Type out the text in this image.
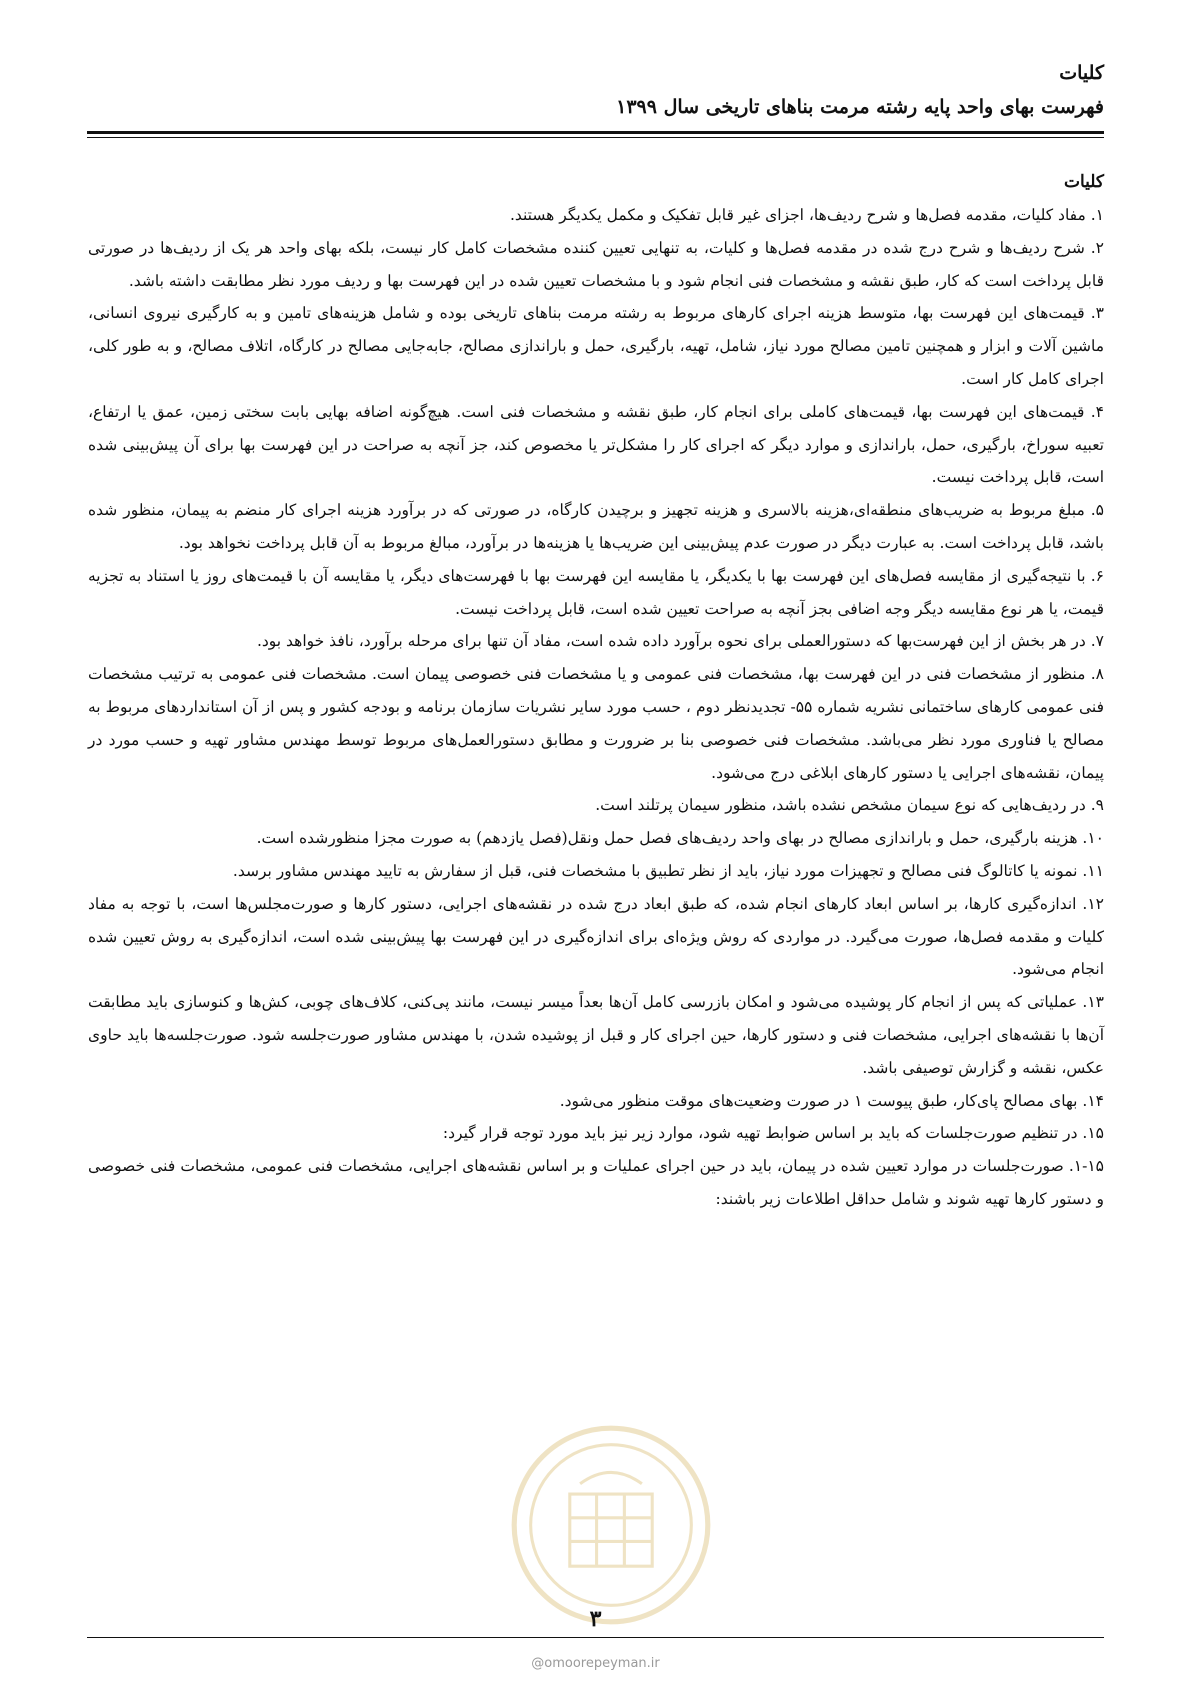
کلیات
فهرست بهای واحد پایه رشته مرمت بناهای تاریخی سال ۱۳۹۹
کلیات

۱. مفاد کلیات، مقدمه فصل‌ها و شرح ردیف‌ها، اجزای غیر قابل تفکیک و مکمل یکدیگر هستند.

۲. شرح ردیف‌ها و شرح درج شده در مقدمه فصل‌ها و کلیات، به تنهایی تعیین کننده مشخصات کامل کار نیست، بلکه بهای واحد هر یک از ردیف‌ها در صورتی قابل پرداخت است که کار، طبق نقشه و مشخصات فنی انجام شود و با مشخصات تعیین شده در این فهرست بها و ردیف مورد نظر مطابقت داشته باشد.

۳. قیمت‌های این فهرست بها، متوسط هزینه اجرای کارهای مربوط به رشته مرمت بناهای تاریخی بوده و شامل هزینه‌های تامین و به کارگیری نیروی انسانی، ماشین آلات و ابزار و همچنین تامین مصالح مورد نیاز، شامل، تهیه، بارگیری، حمل و باراندازی مصالح، جابه‌جایی مصالح در کارگاه، اتلاف مصالح، و به طور کلی، اجرای کامل کار است.

۴. قیمت‌های این فهرست بها، قیمت‌های کاملی برای انجام کار، طبق نقشه و مشخصات فنی است. هیچ‌گونه اضافه بهایی بابت سختی زمین، عمق یا ارتفاع، تعبیه سوراخ، بارگیری، حمل، باراندازی و موارد دیگر که اجرای کار را مشکل‌تر یا مخصوص کند، جز آنچه به صراحت در این فهرست بها برای آن پیش‌بینی شده است، قابل پرداخت نیست.

۵. مبلغ مربوط به ضریب‌های منطقه‌ای،هزینه بالاسری و هزینه تجهیز و برچیدن کارگاه، در صورتی که در برآورد هزینه اجرای کار منضم به پیمان، منظور شده باشد، قابل پرداخت است. به عبارت دیگر در صورت عدم پیش‌بینی این ضریب‌ها یا هزینه‌ها در برآورد، مبالغ مربوط به آن قابل پرداخت نخواهد بود.

۶. با نتیجه‌گیری از مقایسه فصل‌های این فهرست بها با یکدیگر، یا مقایسه این فهرست بها با فهرست‌های دیگر، یا مقایسه آن با قیمت‌های روز یا استناد به تجزیه قیمت، یا هر نوع مقایسه دیگر وجه اضافی بجز آنچه به صراحت تعیین شده است، قابل پرداخت نیست.

۷. در هر بخش از این فهرست‌بها که دستورالعملی برای نحوه برآورد داده شده است، مفاد آن تنها برای مرحله برآورد، نافذ خواهد بود.

۸. منظور از مشخصات فنی در این فهرست بها، مشخصات فنی عمومی و یا مشخصات فنی خصوصی پیمان است. مشخصات فنی عمومی به ترتیب مشخصات فنی عمومی کارهای ساختمانی نشریه شماره ۵۵- تجدیدنظر دوم ، حسب مورد سایر نشریات سازمان برنامه و بودجه کشور و پس از آن استانداردهای مربوط به مصالح یا فناوری مورد نظر می‌باشد. مشخصات فنی خصوصی بنا بر ضرورت و مطابق دستورالعمل‌های مربوط توسط مهندس مشاور تهیه و حسب مورد در پیمان، نقشه‌های اجرایی یا دستور کارهای ابلاغی درج می‌شود.

۹. در ردیف‌هایی که نوع سیمان مشخص نشده باشد، منظور سیمان پرتلند است.

۱۰. هزینه بارگیری، حمل و باراندازی مصالح در بهای واحد ردیف‌های فصل حمل ونقل(فصل یازدهم) به صورت مجزا منظورشده است.

۱۱. نمونه یا کاتالوگ فنی مصالح و تجهیزات مورد نیاز، باید از نظر تطبیق با مشخصات فنی، قبل از سفارش به تایید مهندس مشاور برسد.

۱۲. اندازه‌گیری کارها، بر اساس ابعاد کارهای انجام شده، که طبق ابعاد درج شده در نقشه‌های اجرایی، دستور کارها و صورت‌مجلس‌ها است، با توجه به مفاد کلیات و مقدمه فصل‌ها، صورت می‌گیرد. در مواردی که روش ویژه‌ای برای اندازه‌گیری در این فهرست بها پیش‌بینی شده است، اندازه‌گیری به روش تعیین شده انجام می‌شود.

۱۳. عملیاتی که پس از انجام کار پوشیده می‌شود و امکان بازرسی کامل آن‌ها بعداً میسر نیست، مانند پی‌کنی، کلاف‌های چوبی، کش‌ها و کنوسازی باید مطابقت آن‌ها با نقشه‌های اجرایی، مشخصات فنی و دستور کارها، حین اجرای کار و قبل از پوشیده شدن، با مهندس مشاور صورت‌جلسه شود. صورت‌جلسه‌ها باید حاوی عکس، نقشه و گزارش توصیفی باشد.

۱۴. بهای مصالح پای‌کار، طبق پیوست ۱ در صورت وضعیت‌های موقت منظور می‌شود.

۱۵. در تنظیم صورت‌جلسات که باید بر اساس ضوابط تهیه شود، موارد زیر نیز باید مورد توجه قرار گیرد:

۱-۱۵. صورت‌جلسات در موارد تعیین شده در پیمان، باید در حین اجرای عملیات و بر اساس نقشه‌های اجرایی، مشخصات فنی عمومی، مشخصات فنی خصوصی و دستور کارها تهیه شوند و شامل حداقل اطلاعات زیر باشند:

۳
@omoorepeyman.ir
